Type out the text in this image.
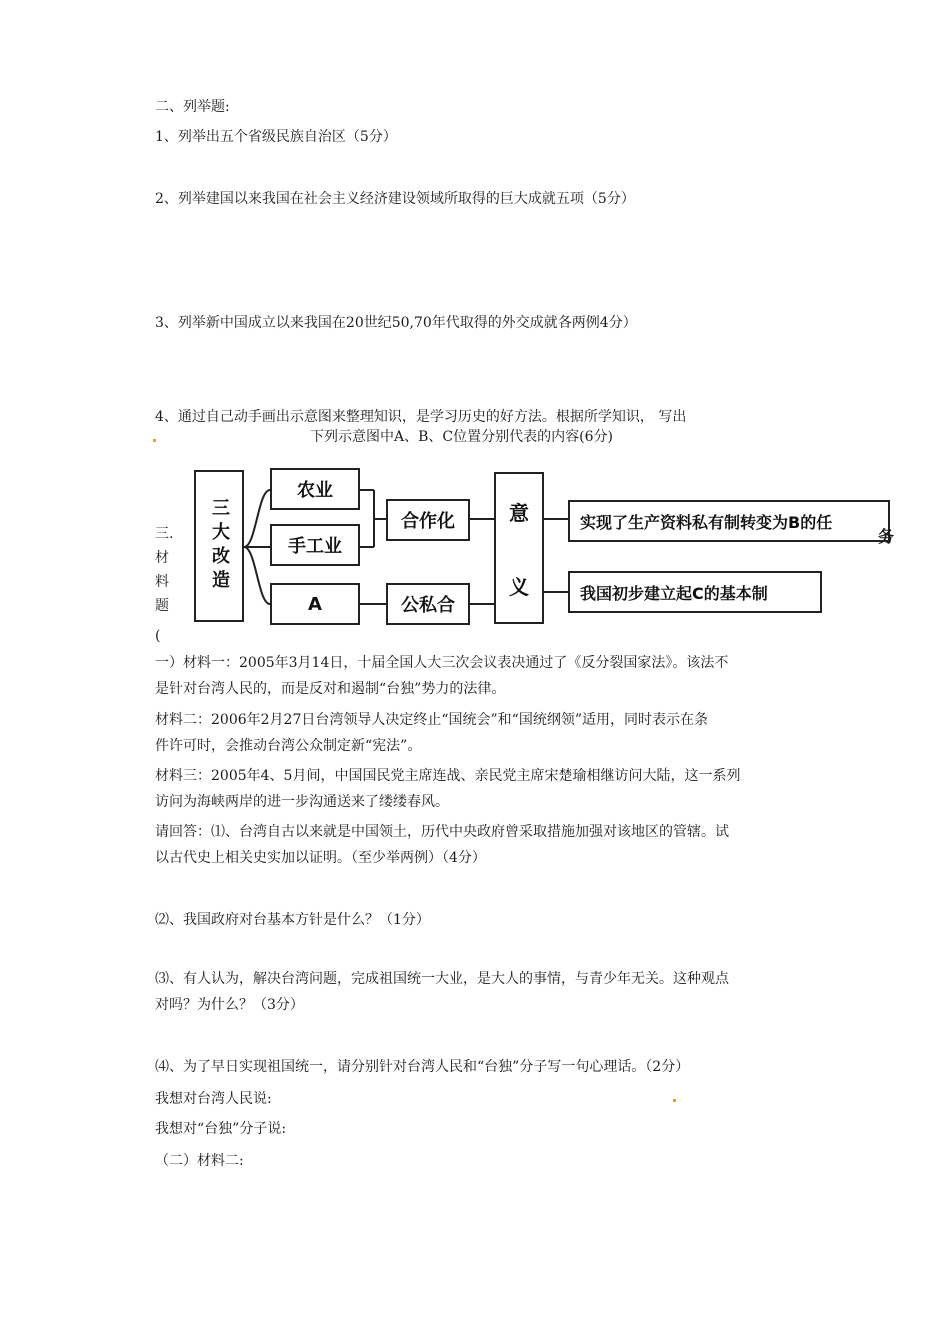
二、列举题:
1、列举出五个省级民族自治区（5分）
2、列举建国以来我国在社会主义经济建设领域所取得的巨大成就五项（5分）
3、列举新中国成立以来我国在20世纪50,70年代取得的外交成就各两例4分）
4、通过自己动手画出示意图来整理知识，是学习历史的好方法。根据所学知识， 写出
下列示意图中A、B、C位置分别代表的内容(6分)
三大改造
农业
手工业
A
合作化
公私合
意
义
实现了生产资料私有制转变为B的任
务
我国初步建立起C的基本制
三.
材
料
题
(
一）材料一：2005年3月14日，十届全国人大三次会议表决通过了《反分裂国家法》。该法不
是针对台湾人民的，而是反对和遏制“台独”势力的法律。
材料二：2006年2月27日台湾领导人决定终止“国统会”和“国统纲领”适用，同时表示在条
件许可时，会推动台湾公众制定新“宪法”。
材料三：2005年4、5月间，中国国民党主席连战、亲民党主席宋楚瑜相继访问大陆，这一系列
访问为海峡两岸的进一步沟通送来了缕缕春风。
请回答：⑴、台湾自古以来就是中国领土，历代中央政府曾采取措施加强对该地区的管辖。试
以古代史上相关史实加以证明。（至少举两例）（4分）
⑵、我国政府对台基本方针是什么？（1分）
⑶、有人认为，解决台湾问题，完成祖国统一大业，是大人的事情，与青少年无关。这种观点
对吗？为什么？（3分）
⑷、为了早日实现祖国统一，请分别针对台湾人民和“台独”分子写一句心理话。（2分）
我想对台湾人民说:
我想对“台独”分子说:
（二）材料二:
